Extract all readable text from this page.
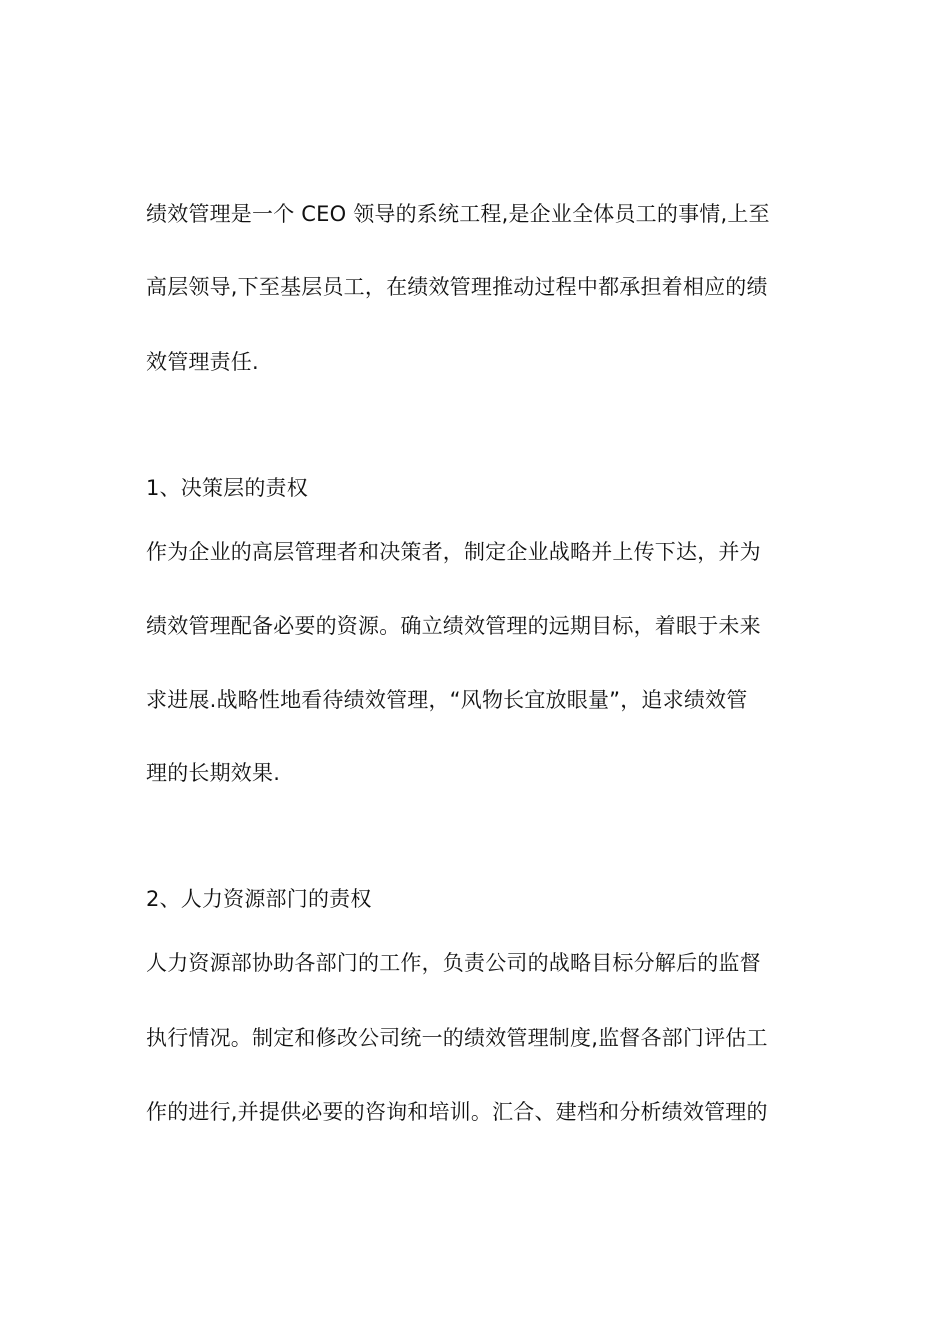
绩效管理是一个 CEO 领导的系统工程,是企业全体员工的事情,上至
高层领导,下至基层员工，在绩效管理推动过程中都承担着相应的绩
效管理责任.
1、决策层的责权
作为企业的高层管理者和决策者，制定企业战略并上传下达，并为
绩效管理配备必要的资源。确立绩效管理的远期目标，着眼于未来
求进展.战略性地看待绩效管理，“风物长宜放眼量”，追求绩效管
理的长期效果.
2、人力资源部门的责权
人力资源部协助各部门的工作，负责公司的战略目标分解后的监督
执行情况。制定和修改公司统一的绩效管理制度,监督各部门评估工
作的进行,并提供必要的咨询和培训。汇合、建档和分析绩效管理的
